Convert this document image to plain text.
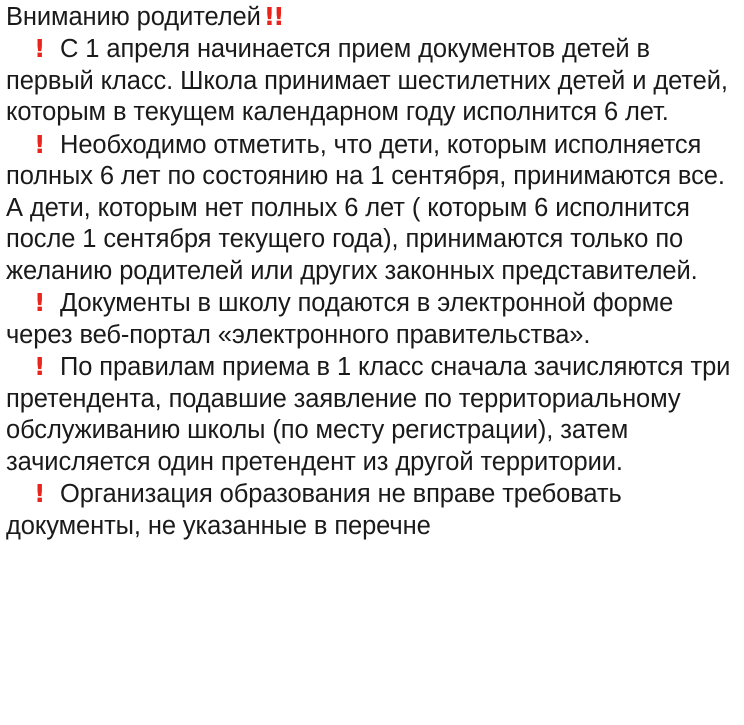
Вниманию родителей !!

! С 1 апреля начинается прием документов детей в первый класс. Школа принимает шестилетних детей и детей, которым в текущем календарном году исполнится 6 лет.

! Необходимо отметить, что дети, которым исполняется полных 6 лет по состоянию на 1 сентября, принимаются все. А дети, которым нет полных 6 лет ( которым 6 исполнится после 1 сентября текущего года), принимаются только по желанию родителей или других законных представителей.

! Документы в школу подаются в электронной форме через веб-портал «электронного правительства».

! По правилам приема в 1 класс сначала зачисляются три претендента, подавшие заявление по территориальному обслуживанию школы (по месту регистрации), затем зачисляется один претендент из другой территории.

! Организация образования не вправе требовать документы, не указанные в перечне
